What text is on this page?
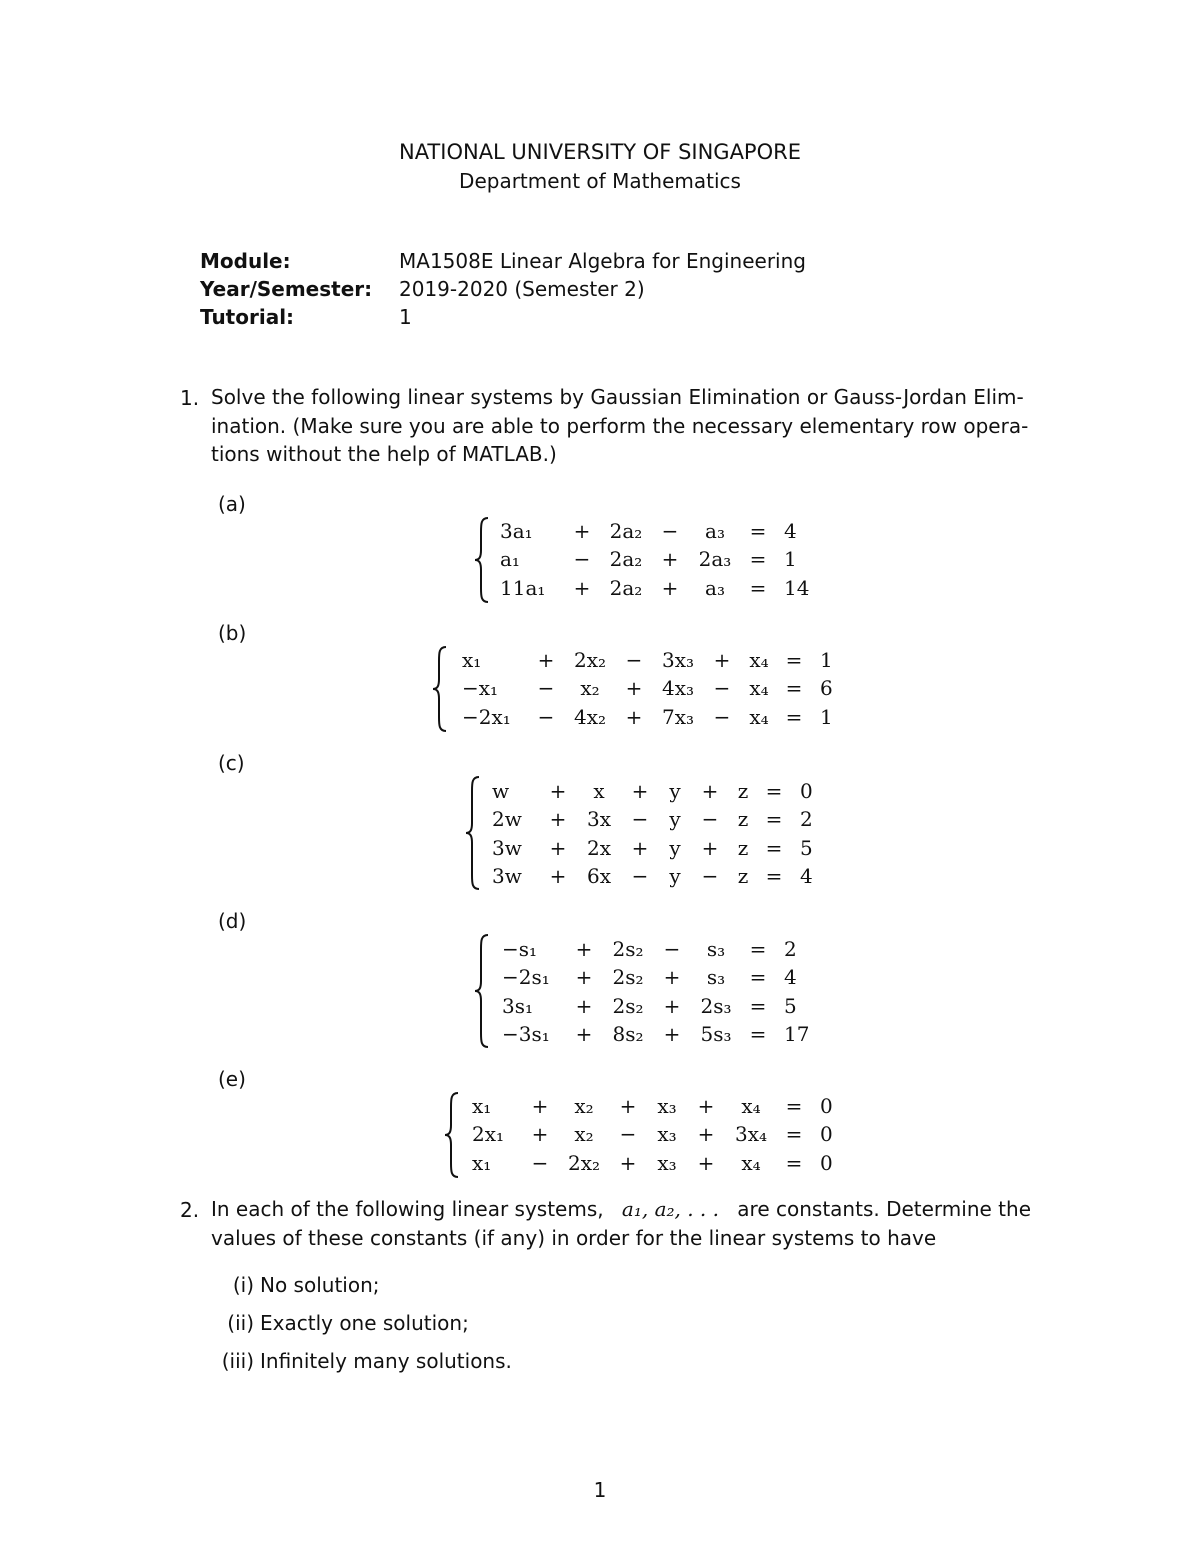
NATIONAL UNIVERSITY OF SINGAPORE
Department of Mathematics
Module:	MA1508E Linear Algebra for Engineering
Year/Semester: 2019-2020 (Semester 2)
Tutorial:	1
1. Solve the following linear systems by Gaussian Elimination or Gauss-Jordan Elim-
ination. (Make sure you are able to perform the necessary elementary row opera-
tions without the help of MATLAB.)
(a)
3a₁	+	2a₂	−	a₃	=	4
a₁	−	2a₂	+	2a₃	=	1
11a₁	+	2a₂	+	a₃	=	14
(b)
x₁	+	2x₂	−	3x₃	+	x₄	=	1
−x₁	−	x₂	+	4x₃	−	x₄	=	6
−2x₁	−	4x₂	+	7x₃	−	x₄	=	1
(c)
w	+	x	+	y	+	z	=	0
2w	+	3x	−	y	−	z	=	2
3w	+	2x	+	y	+	z	=	5
3w	+	6x	−	y	−	z	=	4
(d)
−s₁	+	2s₂	−	s₃	=	2
−2s₁	+	2s₂	+	s₃	=	4
3s₁	+	2s₂	+	2s₃	=	5
−3s₁	+	8s₂	+	5s₃	=	17
(e)
x₁	+	x₂	+	x₃	+	x₄	=	0
2x₁	+	x₂	−	x₃	+	3x₄	=	0
x₁	−	2x₂	+	x₃	+	x₄	=	0
2. In each of the following linear systems, a₁, a₂, . . . are constants. Determine the
values of these constants (if any) in order for the linear systems to have
(i) No solution;
(ii) Exactly one solution;
(iii) Infinitely many solutions.
1
